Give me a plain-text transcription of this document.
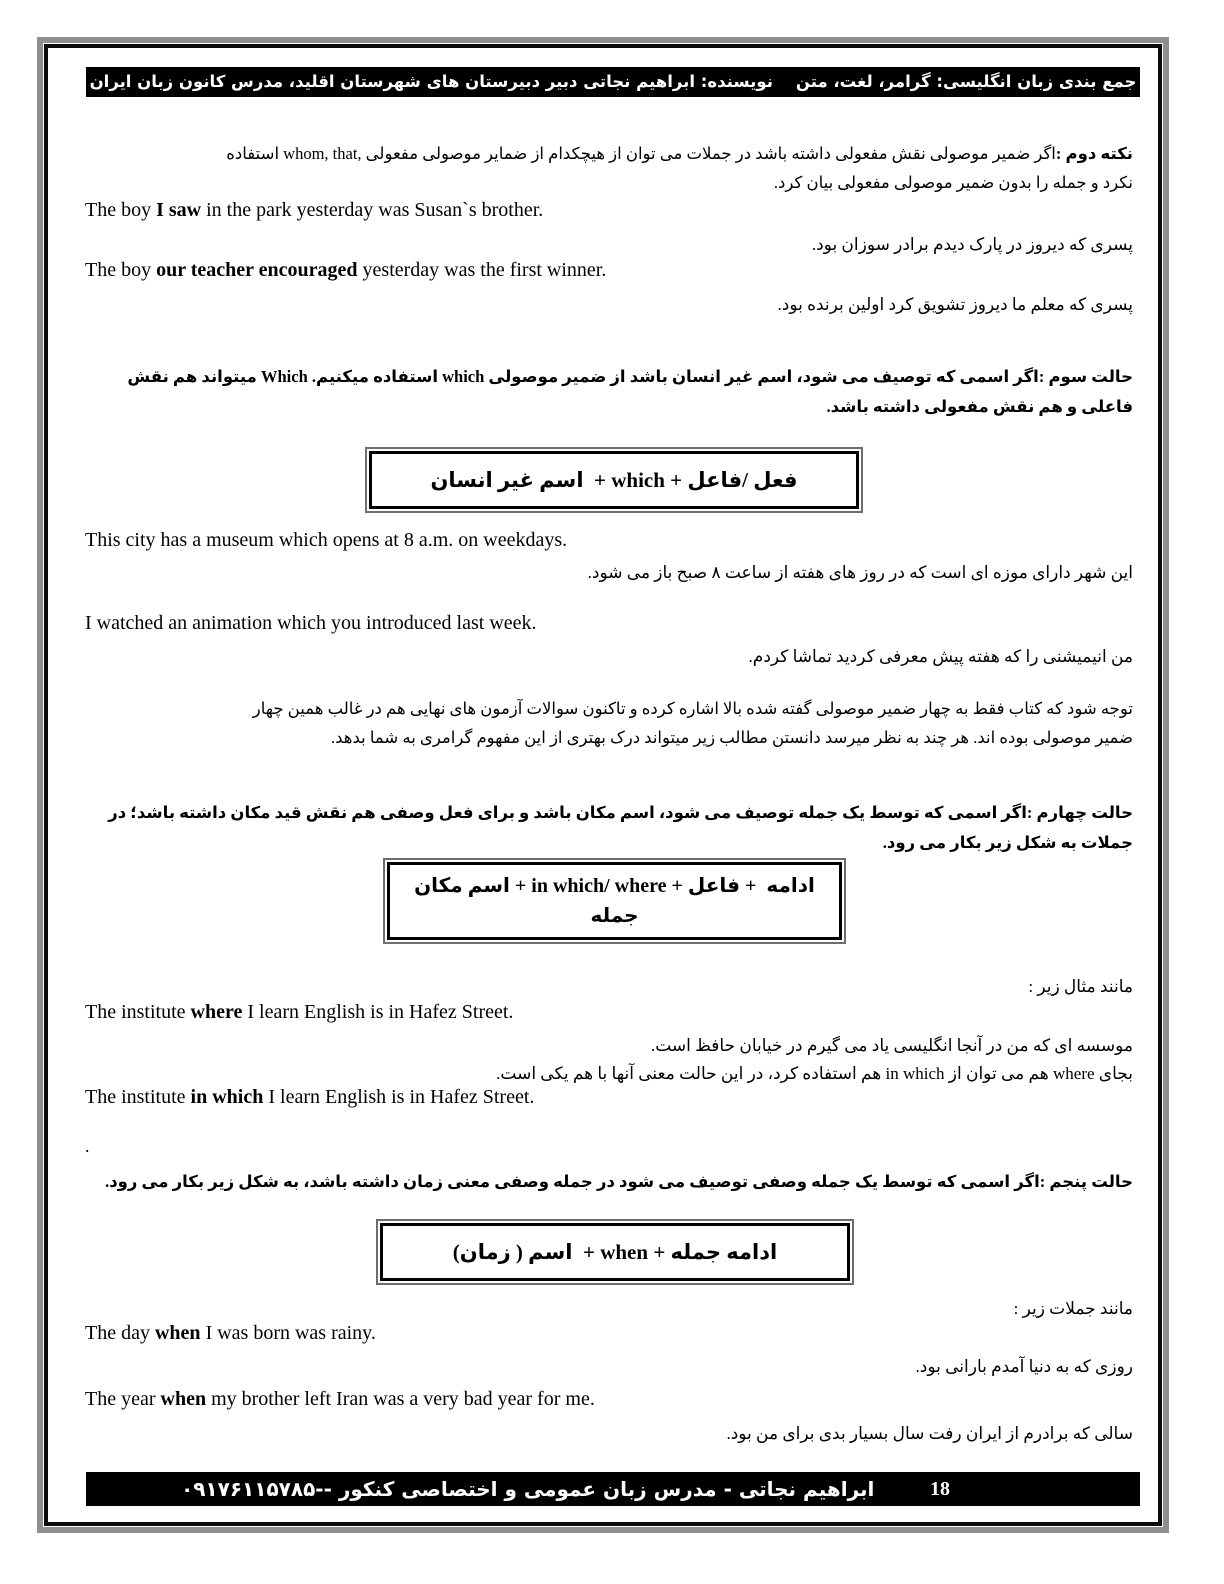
جمع بندی زبان انگلیسی: گرامر، لغت، متن    نویسنده: ابراهیم نجاتی دبیر دبیرستان های شهرستان اقلید، مدرس کانون زبان ایران
نکته دوم :اگر ضمیر موصولی نقش مفعولی داشته باشد در جملات می توان از هیچکدام از ضمایر موصولی مفعولی ,whom, that استفاده
نکرد و جمله را بدون ضمیر موصولی مفعولی بیان کرد.
The boy I saw in the park yesterday was Susan`s brother.
پسری که دیروز در پارک دیدم برادر سوزان بود.
The boy our teacher encouraged yesterday was the first winner.
پسری که معلم ما دیروز تشویق کرد اولین برنده بود.
حالت سوم :اگر اسمی که توصیف می شود، اسم غیر انسان باشد از ضمیر موصولی which استفاده میکنیم. Which میتواند هم نقش
فاعلی و هم نقش مفعولی داشته باشد.
فعل /فاعل + which +  اسم غیر انسان
This city has a museum which opens at 8 a.m. on weekdays.
این شهر دارای موزه ای است که در روز های هفته از ساعت ۸ صبح باز می شود.
I watched an animation which you introduced last week.
من انیمیشنی را که هفته پیش معرفی کردید تماشا کردم.
توجه شود که کتاب فقط به چهار ضمیر موصولی گفته شده بالا اشاره کرده و تاکنون سوالات آزمون های نهایی هم در غالب همین چهار
ضمیر موصولی بوده اند. هر چند به نظر میرسد دانستن مطالب زیر میتواند درک بهتری از این مفهوم گرامری به شما بدهد.
حالت چهارم :اگر اسمی که توسط یک جمله توصیف می شود، اسم مکان باشد و برای فعل وصفی هم نقش قید مکان داشته باشد؛ در
جملات به شکل زیر بکار می رود.
ادامه  + فاعل + in which/ where + اسم مکان
جمله
مانند مثال زیر :
The institute where I learn English is in Hafez Street.
موسسه ای که من در آنجا انگلیسی یاد می گیرم در خیابان حافظ است.
بجای where هم می توان از in which هم استفاده کرد، در این حالت معنی آنها با هم یکی است.
The institute in which I learn English is in Hafez Street.
.
حالت پنجم :اگر اسمی که توسط یک جمله وصفی توصیف می شود در جمله وصفی معنی زمان داشته باشد، به شکل زیر بکار می رود.
ادامه جمله + when +  اسم ( زمان)
مانند جملات زیر :
The day when I was born was rainy.
روزی که به دنیا آمدم بارانی بود.
The year when my brother left Iran was a very bad year for me.
سالی که برادرم از ایران رفت سال بسیار بدی برای من بود.
18
ابراهیم نجاتی - مدرس زبان عمومی و اختصاصی کنکور --۰۹۱۷۶۱۱۵۷۸۵
